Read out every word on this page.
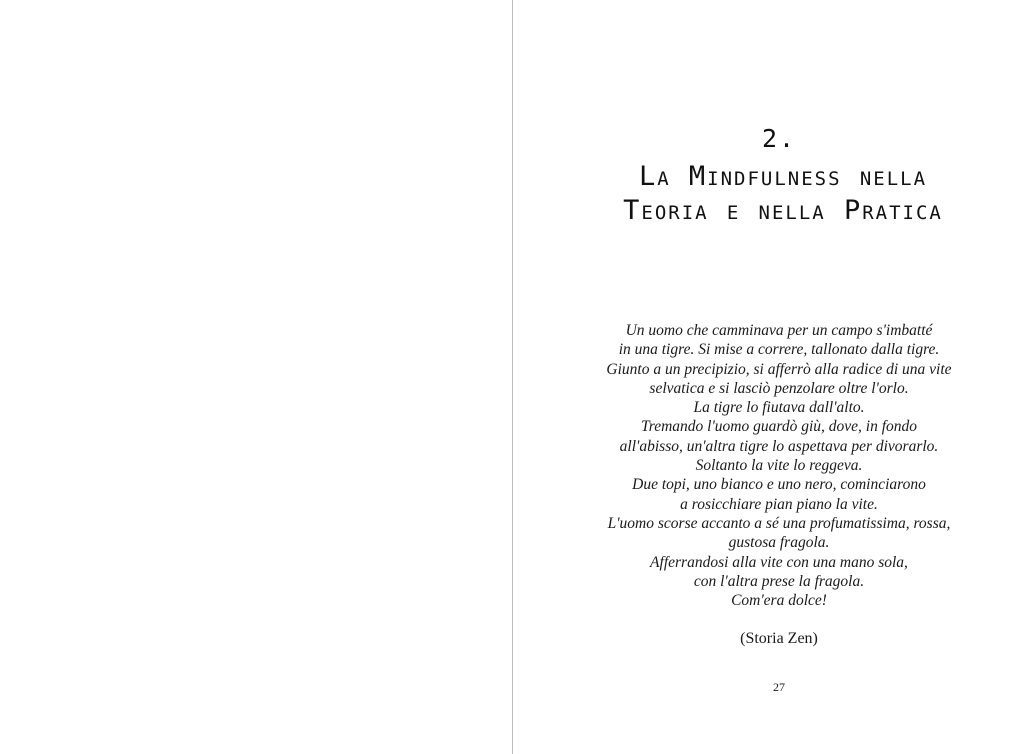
2.
La Mindfulness nella
Teoria e nella Pratica
Un uomo che camminava per un campo s'imbatté
in una tigre. Si mise a correre, tallonato dalla tigre.
Giunto a un precipizio, si afferrò alla radice di una vite
selvatica e si lasciò penzolare oltre l'orlo.
La tigre lo fiutava dall'alto.
Tremando l'uomo guardò giù, dove, in fondo
all'abisso, un'altra tigre lo aspettava per divorarlo.
Soltanto la vite lo reggeva.
Due topi, uno bianco e uno nero, cominciarono
a rosicchiare pian piano la vite.
L'uomo scorse accanto a sé una profumatissima, rossa,
gustosa fragola.
Afferrandosi alla vite con una mano sola,
con l'altra prese la fragola.
Com'era dolce!
(Storia Zen)
27
